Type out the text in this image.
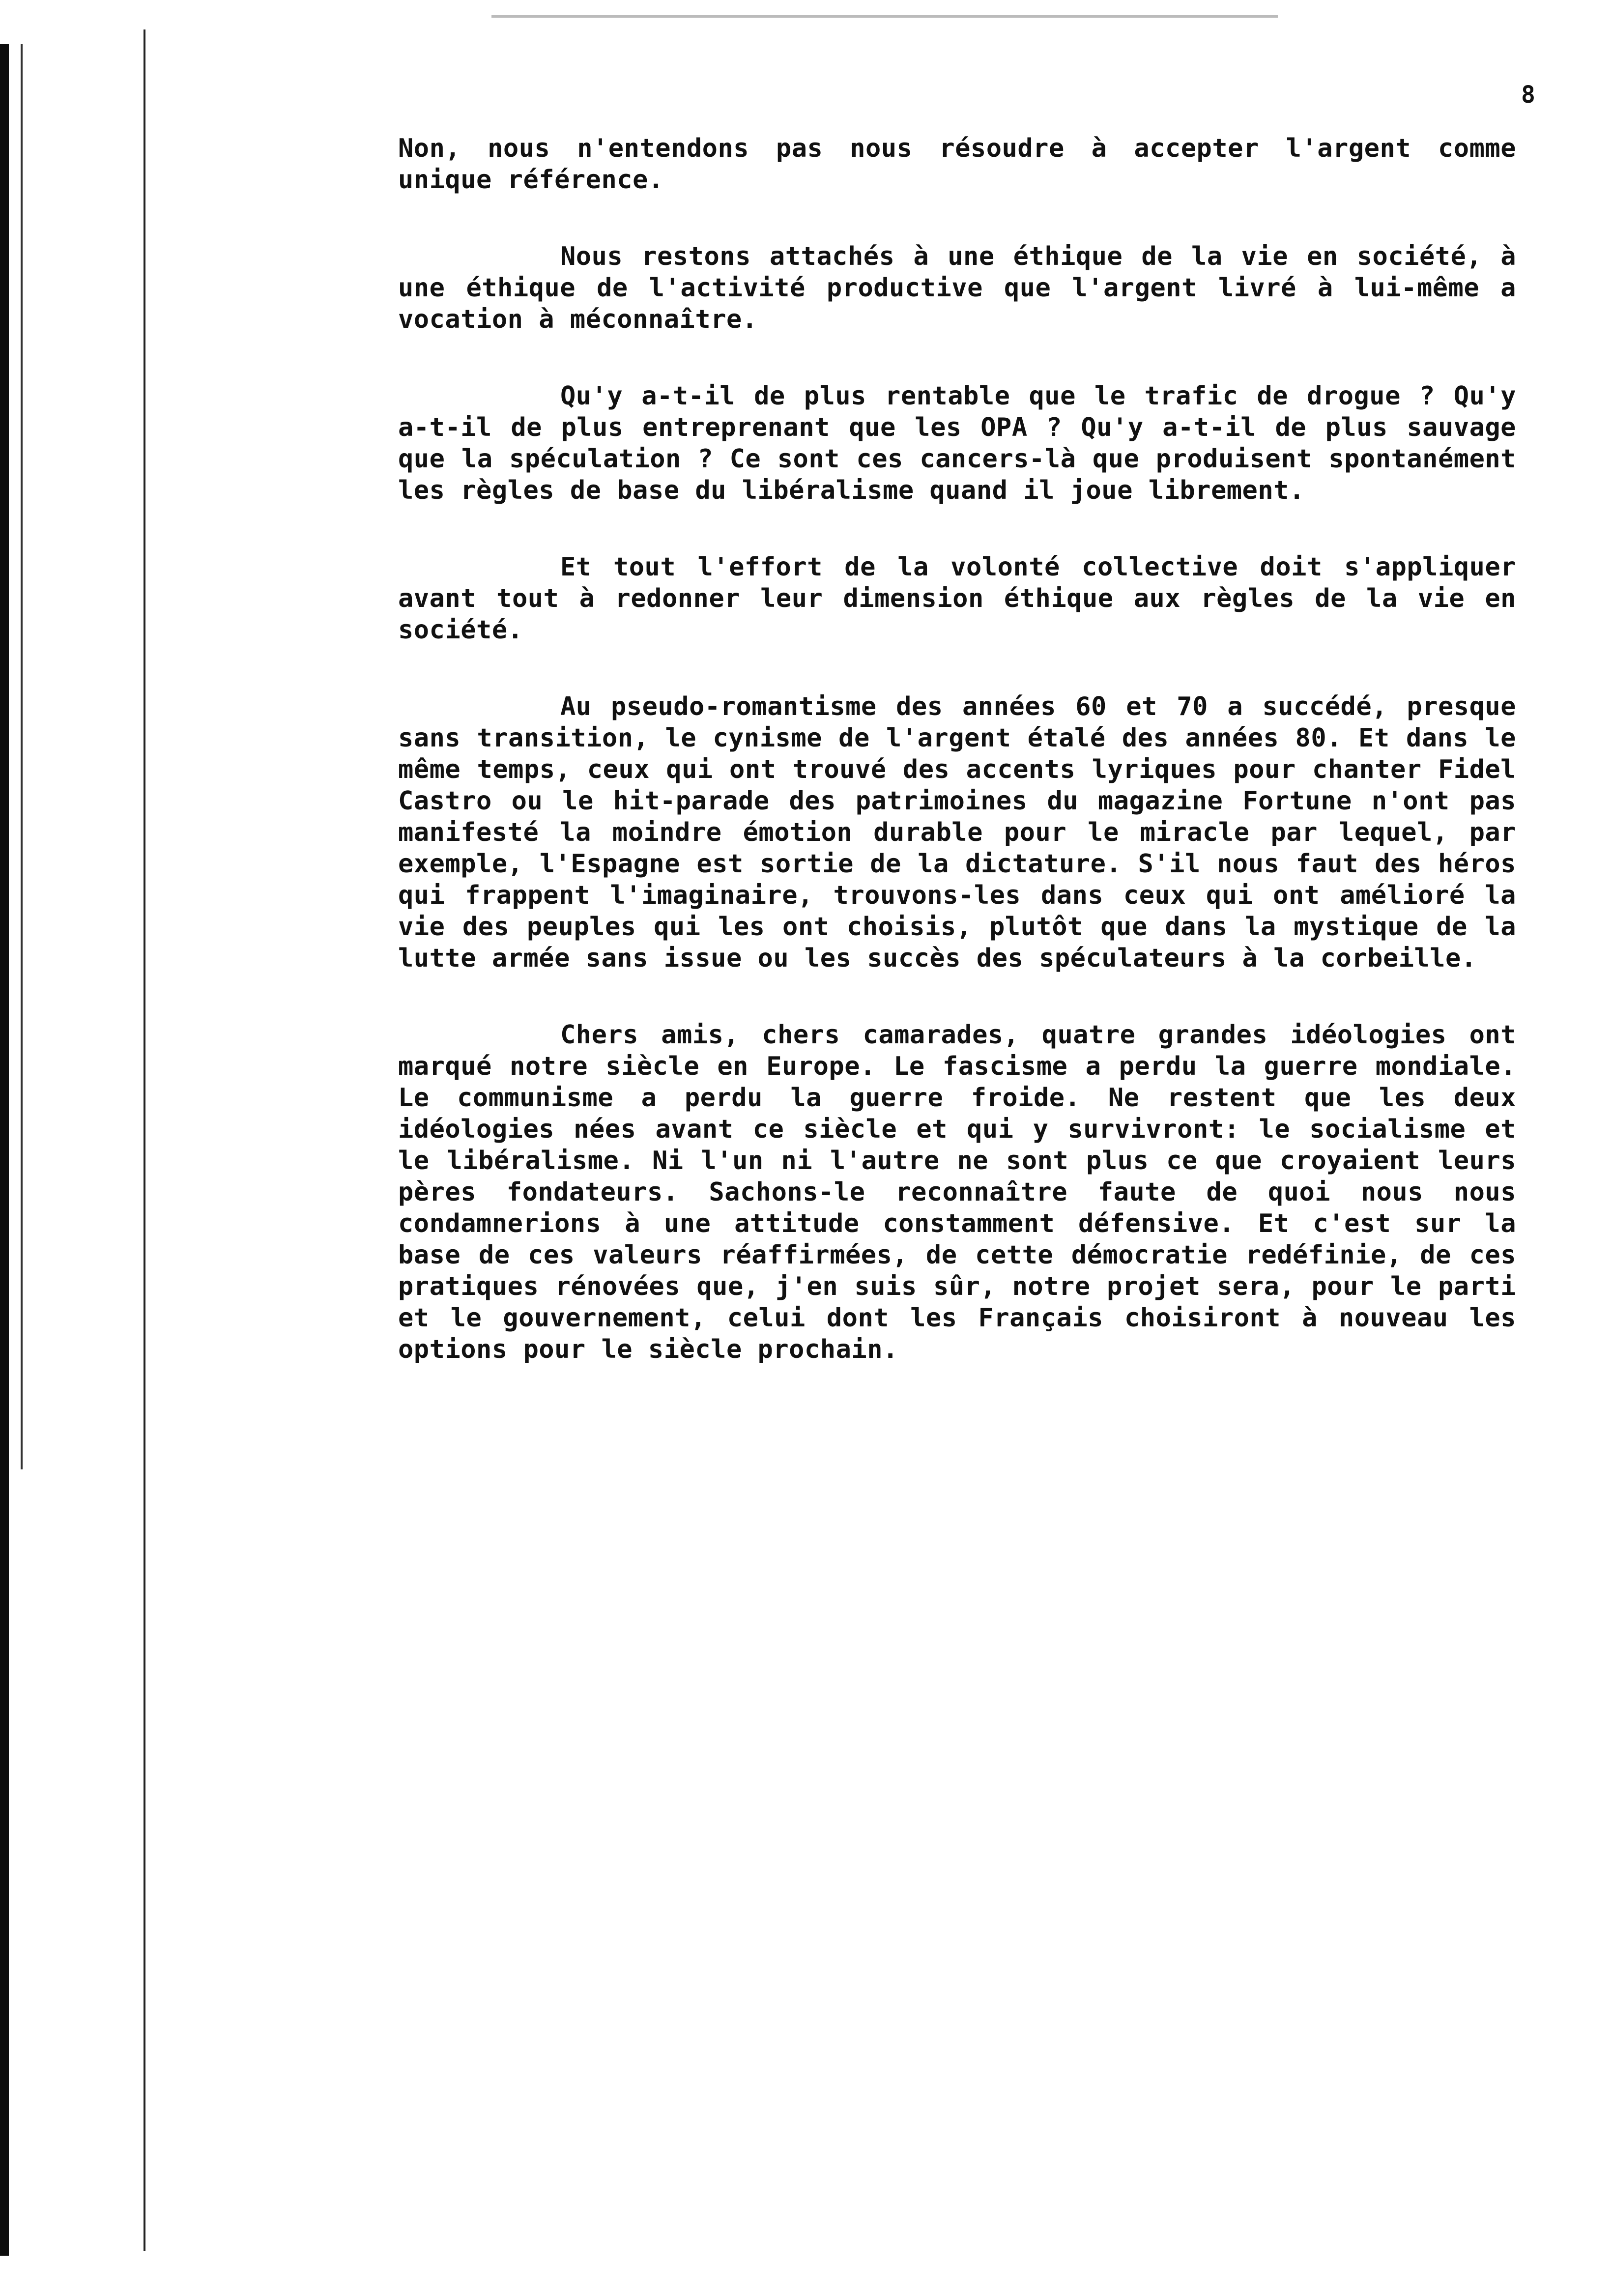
8

Non, nous n'entendons pas nous résoudre à accepter l'argent comme unique référence.

Nous restons attachés à une éthique de la vie en société, à une éthique de l'activité productive que l'argent livré à lui-même a vocation à méconnaître.

Qu'y a-t-il de plus rentable que le trafic de drogue ? Qu'y a-t-il de plus entreprenant que les OPA ? Qu'y a-t-il de plus sauvage que la spéculation ? Ce sont ces cancers-là que produisent spontanément les règles de base du libéralisme quand il joue librement.

Et tout l'effort de la volonté collective doit s'appliquer avant tout à redonner leur dimension éthique aux règles de la vie en société.

Au pseudo-romantisme des années 60 et 70 a succédé, presque sans transition, le cynisme de l'argent étalé des années 80. Et dans le même temps, ceux qui ont trouvé des accents lyriques pour chanter Fidel Castro ou le hit-parade des patrimoines du magazine Fortune n'ont pas manifesté la moindre émotion durable pour le miracle par lequel, par exemple, l'Espagne est sortie de la dictature. S'il nous faut des héros qui frappent l'imaginaire, trouvons-les dans ceux qui ont amélioré la vie des peuples qui les ont choisis, plutôt que dans la mystique de la lutte armée sans issue ou les succès des spéculateurs à la corbeille.

Chers amis, chers camarades, quatre grandes idéologies ont marqué notre siècle en Europe. Le fascisme a perdu la guerre mondiale. Le communisme a perdu la guerre froide. Ne restent que les deux idéologies nées avant ce siècle et qui y survivront: le socialisme et le libéralisme. Ni l'un ni l'autre ne sont plus ce que croyaient leurs pères fondateurs. Sachons-le reconnaître faute de quoi nous nous condamnerions à une attitude constamment défensive. Et c'est sur la base de ces valeurs réaffirmées, de cette démocratie redéfinie, de ces pratiques rénovées que, j'en suis sûr, notre projet sera, pour le parti et le gouvernement, celui dont les Français choisiront à nouveau les options pour le siècle prochain.
